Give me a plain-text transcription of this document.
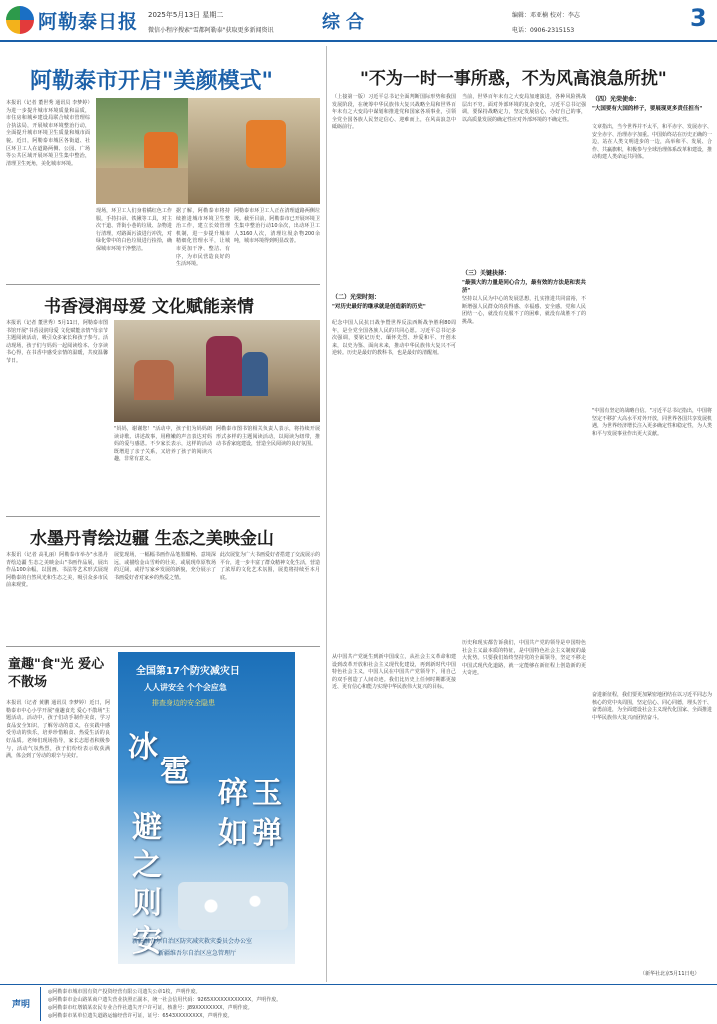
阿勒泰日报 2025年5月13日 星期二
微信小程序搜索"雪都阿勒泰"获取更多新闻资讯	综合	编辑：邓亚楠 校对：李志
电话：0906-2315153	3
阿勒泰市开启"美颜模式"
本报讯（记者 董世秀 通讯员 李梦婷）为进一步提升城市环境质量和品质，市住房和城乡建设局联合城市管理综合执法局，开展城市环境整治行动，全面提升城市环境卫生质量和城市面貌。近日，阿勒泰市城区各街道、社区环卫工人在道路两侧、公园、广场等公共区域开展环境卫生集中整治，清理卫生死角，美化城市环境。
现场，环卫工人们身着橘红色工作服，手持扫帚、铁锹等工具，对主次干道、背街小巷的垃圾、杂物进行清理，对路面污渍进行冲洗，对绿化带中的白色垃圾进行捡拾，确保城市环境干净整洁。
据了解，阿勒泰市将持续推进城市环境卫生整治工作，建立长效管理机制，进一步提升城市精细化管理水平，让城市更加干净、整洁、有序，为市民营造良好的生活环境。
阿勒泰市环卫工人正在清理道路两侧垃圾。截至目前，阿勒泰市已开展环境卫生集中整治行动10余次，出动环卫工人3160人次，清理垃圾杂物200余吨，城市环境得到明显改善。
书香浸润母爱 文化赋能亲情
本报讯（记者 董世秀）5月11日，阿勒泰市图书馆开展"书香浸润母爱 文化赋能亲情"母亲节主题阅读活动，吸引众多家长和孩子参与。活动现场，孩子们与妈妈一起阅读绘本、分享读书心得，在书香中感受亲情的温暖，共度温馨节日。
"妈妈，谢谢您！"活动中，孩子们为妈妈朗读诗歌、讲述故事，用稚嫩的声音表达对妈妈的爱与感恩。不少家长表示，这样的活动既增进了亲子关系，又培养了孩子的阅读兴趣，非常有意义。
阿勒泰市图书馆相关负责人表示，将持续开展形式多样的主题阅读活动，以阅读为纽带，推动书香家庭建设，营造全民阅读的良好氛围。
水墨丹青绘边疆 生态之美映金山
本报讯（记者 高礼丽）阿勒泰市举办"水墨丹青绘边疆 生态之美映金山"书画作品展，展出作品100余幅，以国画、书法等艺术形式展现阿勒泰的自然风光和生态之美，吸引众多市民前来观赏。
展览现场，一幅幅书画作品笔墨酣畅、意境深远，或描绘金山雪岭的壮美，或展现草原牧场的辽阔，或抒写家乡发展的新貌，充分展示了书画爱好者对家乡的热爱之情。
此次展览为广大书画爱好者搭建了交流展示的平台，进一步丰富了群众精神文化生活，营造了浓厚的文化艺术氛围，展览将持续至本月底。
童趣"食"光 爱心不散场
本报讯（记者 黄鹏 通讯员 李梦婷）近日，阿勒泰市中心小学开展"童趣食光 爱心不散场"主题活动。活动中，孩子们动手制作美食，学习食品安全知识，了解劳动的意义，在实践中感受劳动的快乐，培养珍惜粮食、热爱生活的良好品质。老师们现场指导，家长志愿者积极参与，活动气氛热烈，孩子们纷纷表示收获满满，体会到了劳动的艰辛与美好。
全国第17个防灾减灾日
人人讲安全 个个会应急
排查身边的安全隐患
冰
雹
碎 玉
如 弹
避
之
则
安
新疆维吾尔自治区防灾减灾救灾委员会办公室
新疆维吾尔自治区应急管理厅
"不为一时一事所惑，不为风高浪急所扰"
（上接第一版）习近平总书记全面判断国际形势和我国发展阶段，在统筹中华民族伟大复兴战略全局和世界百年未有之大变局中谋划和推进党和国家各项事业，引领全党全国各族人民坚定信心、迎难而上，在风高浪急中砥砺前行。
（二）光荣时刻：
"对历史最好的继承就是创造新的历史"
纪念中国人民抗日战争暨世界反法西斯战争胜利80周年，是全党全国各族人民的共同心愿。习近平总书记多次强调，要铭记历史、缅怀先烈、珍爱和平、开创未来，以史为鉴、面向未来，推动中华民族伟大复兴不可逆转。历史是最好的教科书，也是最好的清醒剂。
从中国共产党诞生到新中国成立，从社会主义革命和建设到改革开放和社会主义现代化建设，再到新时代中国特色社会主义，中国人民在中国共产党领导下，用自己的双手创造了人间奇迹。我们比历史上任何时期都更接近、更有信心和能力实现中华民族伟大复兴的目标。
当前，世界百年未有之大变局加速演进，各种风险挑战层出不穷。面对外部环境的复杂变化，习近平总书记强调，要保持战略定力，坚定发展信心，办好自己的事，以高质量发展的确定性应对外部环境的不确定性。
（三）关键抉择：
"最强大的力量是同心合力，最有效的方法是和衷共济"
坚持以人民为中心的发展思想，扎实推进共同富裕，不断增强人民群众的获得感、幸福感、安全感。党和人民团结一心，就没有克服不了的困难，就没有战胜不了的挑战。
历史和现实都告诉我们，中国共产党的领导是中国特色社会主义最本质的特征，是中国特色社会主义制度的最大优势。只要我们始终坚持党的全面领导，坚定不移走中国式现代化道路，就一定能够在新征程上创造新的更大奇迹。
（四）光荣使命：
"大国要有大国的样子，要展现更多责任担当"
文章指出，当今世界并不太平，和平赤字、发展赤字、安全赤字、治理赤字加重。中国始终站在历史正确的一边，站在人类文明进步的一边，高举和平、发展、合作、共赢旗帜，积极参与全球治理体系改革和建设，推动构建人类命运共同体。
"中国有坚定的战略自信。"习近平总书记指出，中国将坚定不移扩大高水平对外开放，同世界各国共享发展机遇，为世界经济增长注入更多确定性和稳定性，为人类和平与发展事业作出更大贡献。
奋进新征程，我们要更加紧密地团结在以习近平同志为核心的党中央周围，坚定信心、同心同德，埋头苦干、奋勇前进，为全面建设社会主义现代化国家、全面推进中华民族伟大复兴而团结奋斗。
（新华社北京5月11日电）
声明
◎阿勒泰市城市国有资产投资经营有限公司遗失公章1枚，声明作废。
◎阿勒泰市金山路某商户遗失营业执照正副本，统一社会信用代码：9265XXXXXXXXXXXX，声明作废。
◎阿勒泰市红墩镇某农民专业合作社遗失开户许可证，核准号：J89XXXXXXXX，声明作废。
◎阿勒泰市某单位遗失道路运输经营许可证，证号：6543XXXXXXXX，声明作废。
